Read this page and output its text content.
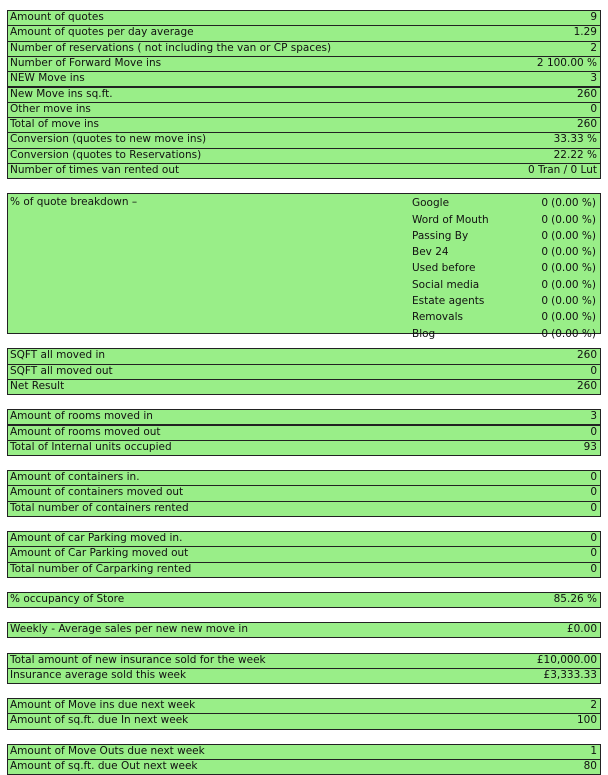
Amount of quotes	9
Amount of quotes per day average	1.29
Number of reservations ( not including the van or CP spaces)	2
Number of Forward Move ins	2 100.00 %
NEW Move ins	3
New Move ins sq.ft.	260
Other move ins	0
Total of move ins	260
Conversion (quotes to new move ins)	33.33 %
Conversion (quotes to Reservations)	22.22 %
Number of times van rented out	0 Tran / 0 Lut
% of quote breakdown –	Google	0 (0.00 %)
Word of Mouth	0 (0.00 %)
Passing By	0 (0.00 %)
Bev 24	0 (0.00 %)
Used before	0 (0.00 %)
Social media	0 (0.00 %)
Estate agents	0 (0.00 %)
Removals	0 (0.00 %)
Blog	0 (0.00 %)
SQFT all moved in	260
SQFT all moved out	0
Net Result	260
Amount of rooms moved in	3
Amount of rooms moved out	0
Total of Internal units occupied	93
Amount of containers in.	0
Amount of containers moved out	0
Total number of containers rented	0
Amount of car Parking moved in.	0
Amount of Car Parking moved out	0
Total number of Carparking rented	0
% occupancy of Store	85.26 %
Weekly - Average sales per new new move in	£0.00
Total amount of new insurance sold for the week	£10,000.00
Insurance average sold this week	£3,333.33
Amount of Move ins due next week	2
Amount of sq.ft. due In next week	100
Amount of Move Outs due next week	1
Amount of sq.ft. due Out next week	80
